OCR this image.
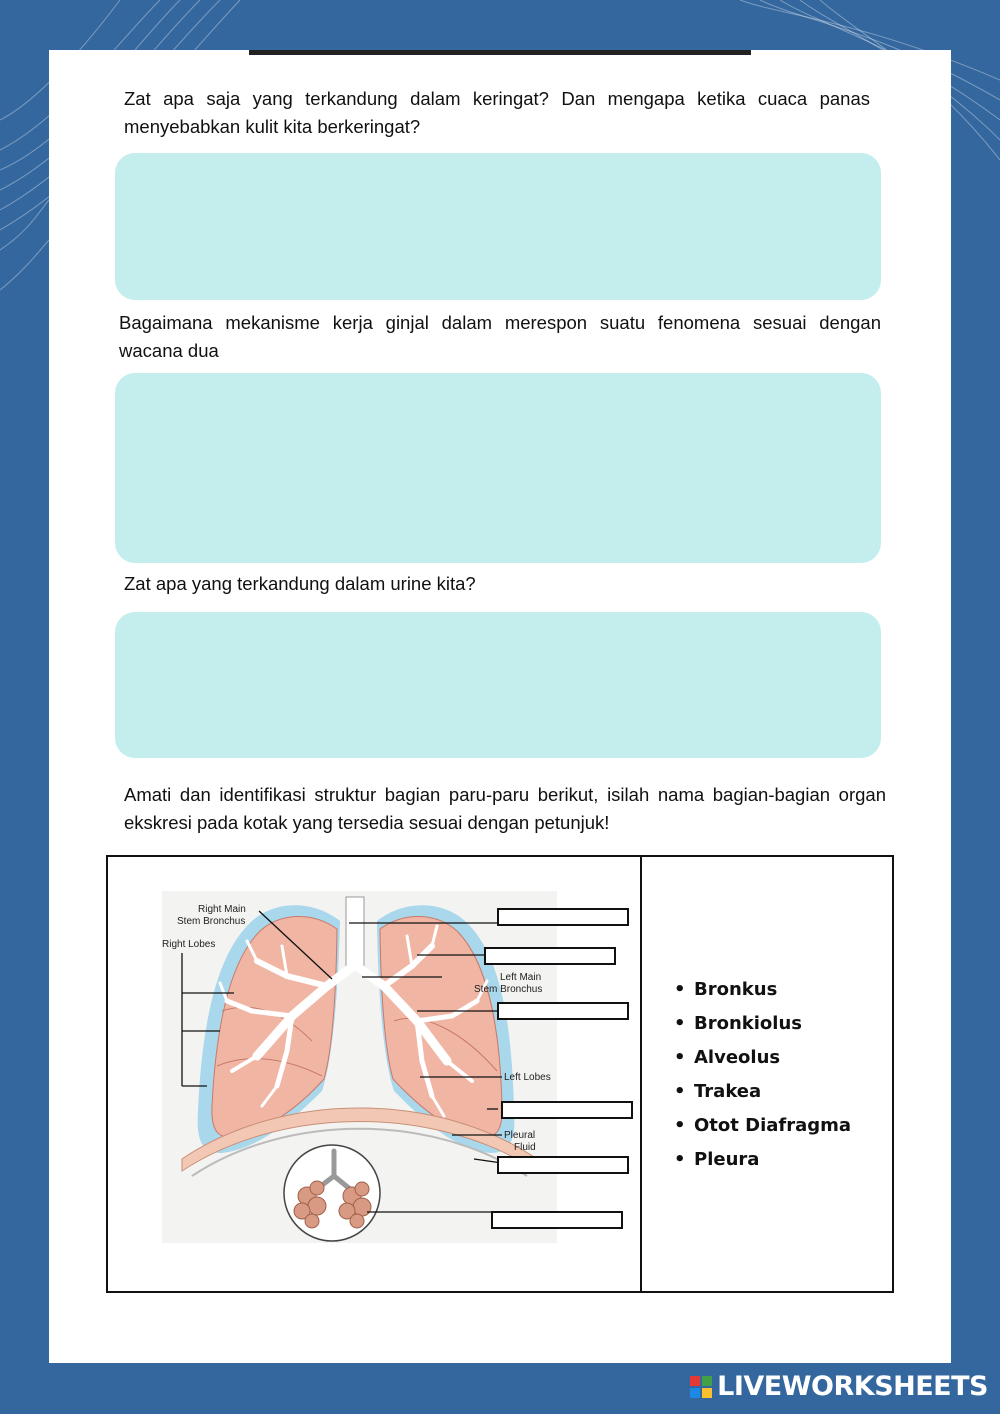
Zat apa saja yang terkandung dalam keringat? Dan mengapa ketika cuaca panas menyebabkan kulit kita berkeringat?

Bagaimana mekanisme kerja ginjal dalam merespon suatu fenomena sesuai dengan wacana dua

Zat apa yang terkandung dalam urine kita?

Amati dan identifikasi struktur bagian paru-paru berikut, isilah nama bagian-bagian organ ekskresi pada kotak yang tersedia sesuai dengan petunjuk!

Right Main
Stem Bronchus
Right Lobes
Left Main
Stem Bronchus
Left Lobes
Pleural
Fluid
• Bronkus
• Bronkiolus
• Alveolus
• Trakea
• Otot Diafragma
• Pleura
LIVEWORKSHEETS
